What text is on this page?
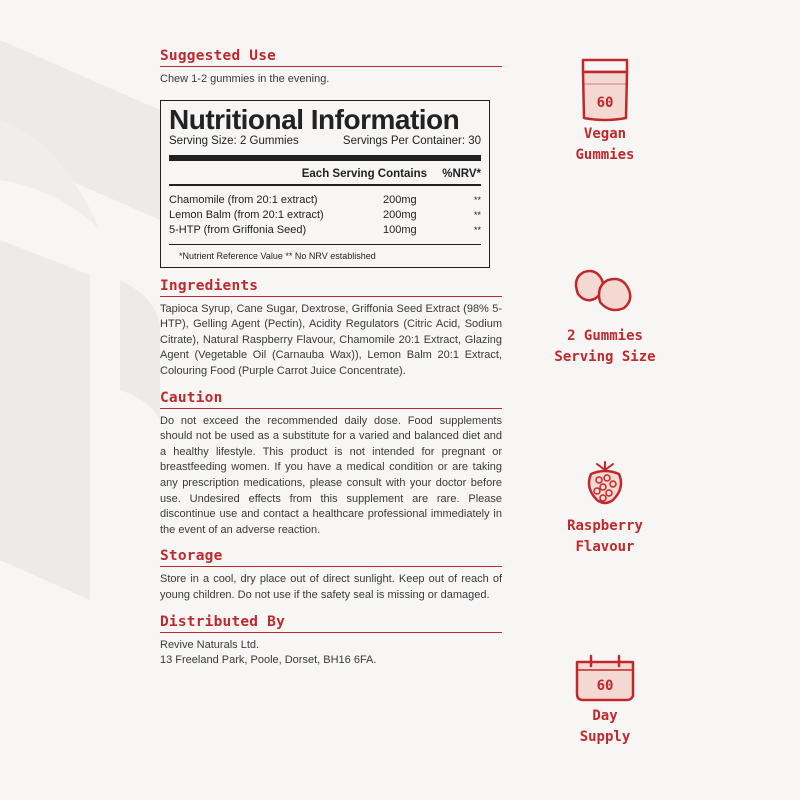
Suggested Use
Chew 1-2 gummies in the evening.
Nutritional Information
Serving Size: 2 Gummies	Servings Per Container: 30
Each Serving Contains	%NRV*
Chamomile (from 20:1 extract)	200mg	**
Lemon Balm (from 20:1 extract)	200mg	**
5-HTP (from Griffonia Seed)	100mg	**
*Nutrient Reference Value ** No NRV established
Ingredients
Tapioca Syrup, Cane Sugar, Dextrose, Griffonia Seed Extract (98% 5-HTP), Gelling Agent (Pectin), Acidity Regulators (Citric Acid, Sodium Citrate), Natural Raspberry Flavour, Chamomile 20:1 Extract, Glazing Agent (Vegetable Oil (Carnauba Wax)), Lemon Balm 20:1 Extract, Colouring Food (Purple Carrot Juice Concentrate).
Caution
Do not exceed the recommended daily dose. Food supplements should not be used as a substitute for a varied and balanced diet and a healthy lifestyle. This product is not intended for pregnant or breastfeeding women. If you have a medical condition or are taking any prescription medications, please consult with your doctor before use. Undesired effects from this supplement are rare. Please discontinue use and contact a healthcare professional immediately in the event of an adverse reaction.
Storage
Store in a cool, dry place out of direct sunlight. Keep out of reach of young children. Do not use if the safety seal is missing or damaged.
Distributed By
Revive Naturals Ltd.
13 Freeland Park, Poole, Dorset, BH16 6FA.
60
Vegan
Gummies
2 Gummies
Serving Size
Raspberry
Flavour
60
Day
Supply
